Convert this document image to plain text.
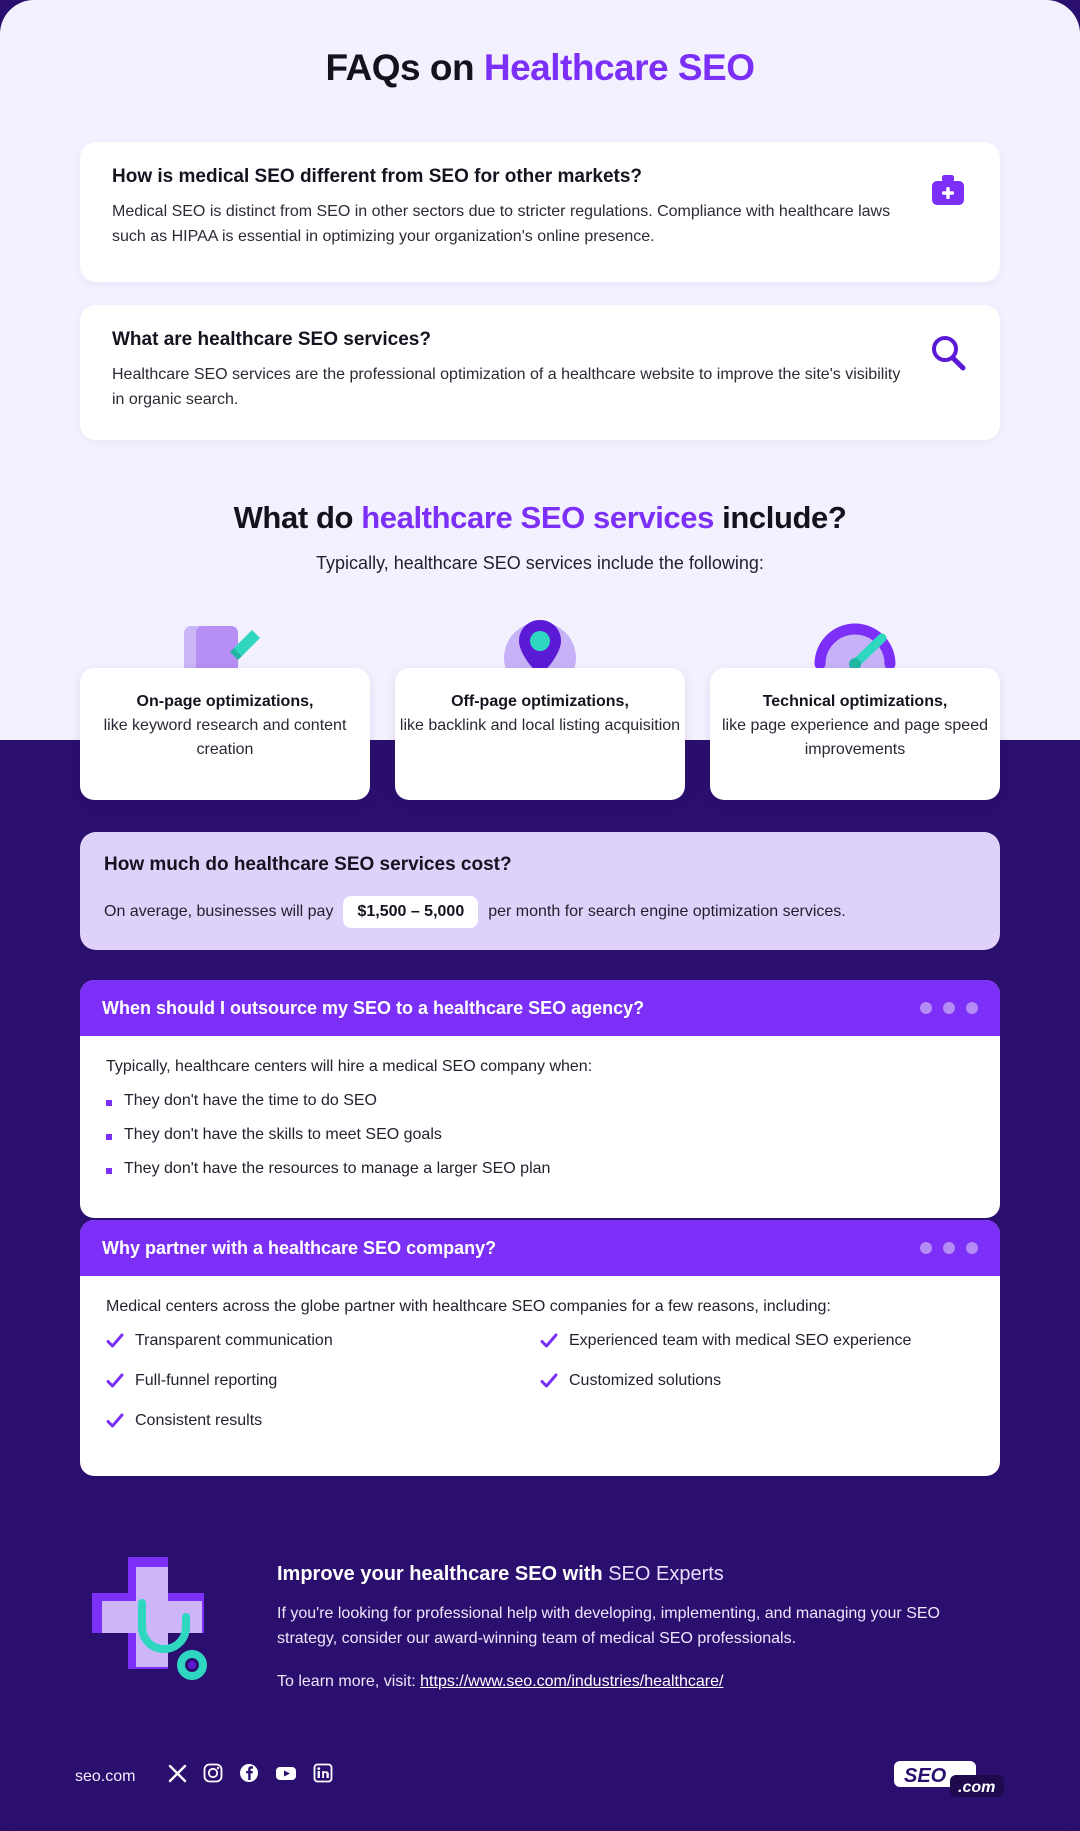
FAQs on Healthcare SEO
How is medical SEO different from SEO for other markets?
Medical SEO is distinct from SEO in other sectors due to stricter regulations. Compliance with healthcare laws such as HIPAA is essential in optimizing your organization's online presence.
What are healthcare SEO services?
Healthcare SEO services are the professional optimization of a healthcare website to improve the site's visibility in organic search.
What do healthcare SEO services include?
Typically, healthcare SEO services include the following:
On-page optimizations,
like keyword research and content creation
Off-page optimizations,
like backlink and local listing acquisition
Technical optimizations,
like page experience and page speed improvements
How much do healthcare SEO services cost?
On average, businesses will pay	$1,500 – 5,000	per month for search engine optimization services.
When should I outsource my SEO to a healthcare SEO agency?
Typically, healthcare centers will hire a medical SEO company when:
They don't have the time to do SEO
They don't have the skills to meet SEO goals
They don't have the resources to manage a larger SEO plan
Why partner with a healthcare SEO company?
Medical centers across the globe partner with healthcare SEO companies for a few reasons, including:
Transparent communication	Experienced team with medical SEO experience
Full-funnel reporting	Customized solutions
Consistent results
Improve your healthcare SEO with SEO Experts
If you're looking for professional help with developing, implementing, and managing your SEO strategy, consider our award-winning team of medical SEO professionals.
To learn more, visit: https://www.seo.com/industries/healthcare/
seo.com	SEO
.com
